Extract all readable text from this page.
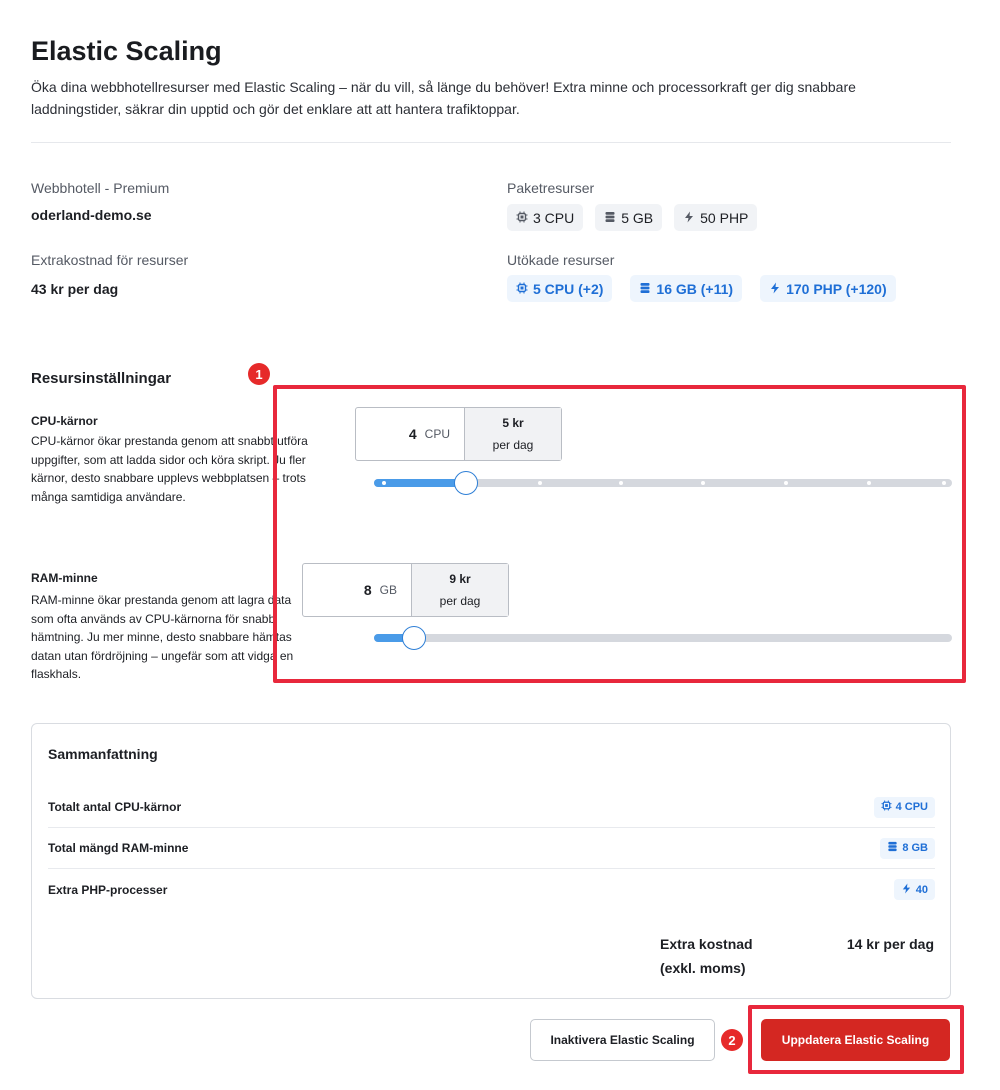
Elastic Scaling

Öka dina webbhotellresurser med Elastic Scaling – när du vill, så länge du behöver! Extra minne och processorkraft ger dig snabbare laddningstider, säkrar din upptid och gör det enklare att att hantera trafiktoppar.

Webbhotell - Premium
oderland-demo.se
Extrakostnad för resurser
43 kr per dag
Paketresurser
3 CPU	5 GB	50 PHP
Utökade resurser
5 CPU (+2)	16 GB (+11)	170 PHP (+120)
Resursinställningar
CPU-kärnor
CPU-kärnor ökar prestanda genom att snabbt utföra uppgifter, som att ladda sidor och köra skript. Ju fler kärnor, desto snabbare upplevs webbplatsen – trots många samtidiga användare.
4 CPU
5 kr
per dag
RAM-minne
RAM-minne ökar prestanda genom att lagra data som ofta används av CPU-kärnorna för snabb hämtning. Ju mer minne, desto snabbare hämtas datan utan fördröjning – ungefär som att vidga en flaskhals.
8 GB
9 kr
per dag
1
Sammanfattning
Totalt antal CPU-kärnor	4 CPU
Total mängd RAM-minne	8 GB
Extra PHP-processer	40
Extra kostnad (exkl. moms)
14 kr per dag
Inaktivera Elastic Scaling	Uppdatera Elastic Scaling
2
